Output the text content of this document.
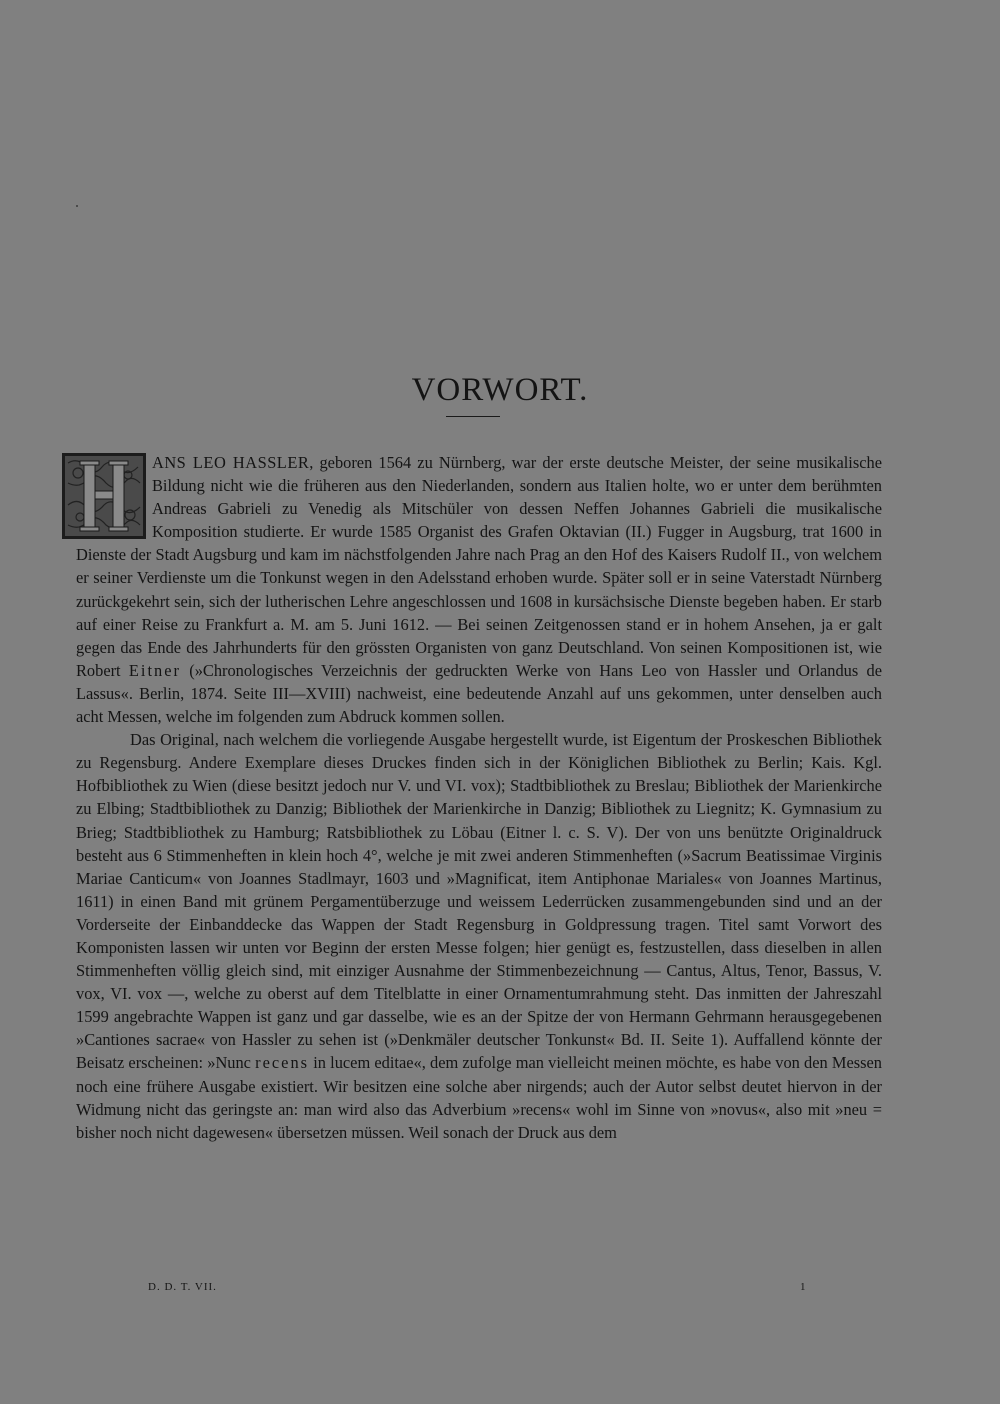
VORWORT.

ANS LEO HASSLER, geboren 1564 zu Nürnberg, war der erste deutsche Meister, der seine musikalische Bildung nicht wie die früheren aus den Niederlanden, sondern aus Italien holte, wo er unter dem berühmten Andreas Gabrieli zu Venedig als Mitschüler von dessen Neffen Johannes Gabrieli die musikalische Komposition studierte. Er wurde 1585 Organist des Grafen Oktavian (II.) Fugger in Augsburg, trat 1600 in Dienste der Stadt Augsburg und kam im nächstfolgenden Jahre nach Prag an den Hof des Kaisers Rudolf II., von welchem er seiner Verdienste um die Tonkunst wegen in den Adelsstand erhoben wurde. Später soll er in seine Vaterstadt Nürnberg zurückgekehrt sein, sich der lutherischen Lehre angeschlossen und 1608 in kursächsische Dienste begeben haben. Er starb auf einer Reise zu Frankfurt a. M. am 5. Juni 1612. — Bei seinen Zeitgenossen stand er in hohem Ansehen, ja er galt gegen das Ende des Jahrhunderts für den grössten Organisten von ganz Deutschland. Von seinen Kompositionen ist, wie Robert Eitner (»Chronologisches Verzeichnis der gedruckten Werke von Hans Leo von Hassler und Orlandus de Lassus«. Berlin, 1874. Seite III—XVIII) nachweist, eine bedeutende Anzahl auf uns gekommen, unter denselben auch acht Messen, welche im folgenden zum Abdruck kommen sollen.

Das Original, nach welchem die vorliegende Ausgabe hergestellt wurde, ist Eigentum der Proskeschen Bibliothek zu Regensburg. Andere Exemplare dieses Druckes finden sich in der Königlichen Bibliothek zu Berlin; Kais. Kgl. Hofbibliothek zu Wien (diese besitzt jedoch nur V. und VI. vox); Stadtbibliothek zu Breslau; Bibliothek der Marienkirche zu Elbing; Stadtbibliothek zu Danzig; Bibliothek der Marienkirche in Danzig; Bibliothek zu Liegnitz; K. Gymnasium zu Brieg; Stadtbibliothek zu Hamburg; Ratsbibliothek zu Löbau (Eitner l. c. S. V). Der von uns benützte Originaldruck besteht aus 6 Stimmenheften in klein hoch 4°, welche je mit zwei anderen Stimmenheften (»Sacrum Beatissimae Virginis Mariae Canticum« von Joannes Stadlmayr, 1603 und »Magnificat, item Antiphonae Mariales« von Joannes Martinus, 1611) in einen Band mit grünem Pergamentüberzuge und weissem Lederrücken zusammengebunden sind und an der Vorderseite der Einbanddecke das Wappen der Stadt Regensburg in Goldpressung tragen. Titel samt Vorwort des Komponisten lassen wir unten vor Beginn der ersten Messe folgen; hier genügt es, festzustellen, dass dieselben in allen Stimmenheften völlig gleich sind, mit einziger Ausnahme der Stimmenbezeichnung — Cantus, Altus, Tenor, Bassus, V. vox, VI. vox —, welche zu oberst auf dem Titelblatte in einer Ornamentumrahmung steht. Das inmitten der Jahreszahl 1599 angebrachte Wappen ist ganz und gar dasselbe, wie es an der Spitze der von Hermann Gehrmann herausgegebenen »Cantiones sacrae« von Hassler zu sehen ist (»Denkmäler deutscher Tonkunst« Bd. II. Seite 1). Auffallend könnte der Beisatz erscheinen: »Nunc recens in lucem editae«, dem zufolge man vielleicht meinen möchte, es habe von den Messen noch eine frühere Ausgabe existiert. Wir besitzen eine solche aber nirgends; auch der Autor selbst deutet hiervon in der Widmung nicht das geringste an: man wird also das Adverbium »recens« wohl im Sinne von »novus«, also mit »neu = bisher noch nicht dagewesen« übersetzen müssen. Weil sonach der Druck aus dem

D. D. T. VII.	1
